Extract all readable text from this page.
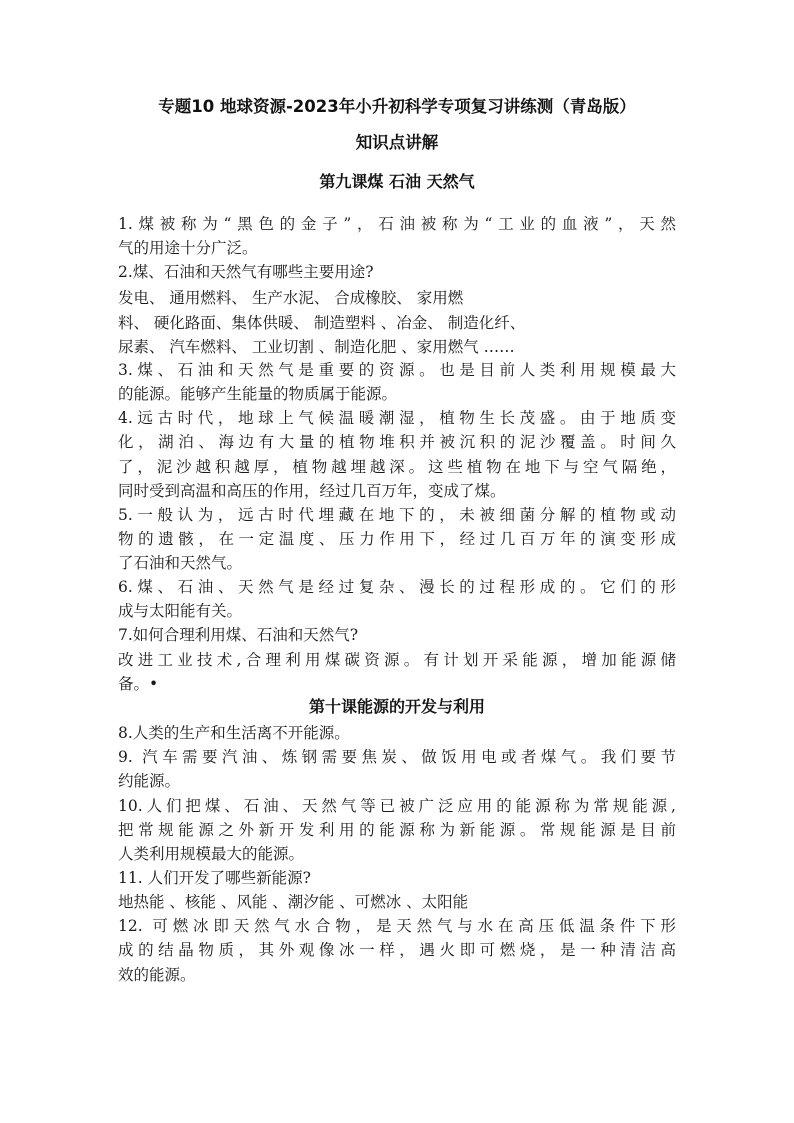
专题10 地球资源-2023年小升初科学专项复习讲练测（青岛版）
知识点讲解
第九课煤 石油 天然气
1.煤被称为“黑色的金子”，石油被称为“工业的血液”，天然
气的用途十分广泛。
2.煤、石油和天然气有哪些主要用途?
发电、 通用燃料、 生产水泥、 合成橡胶、 家用燃
料、 硬化路面、集体供暖、 制造塑料 、冶金、 制造化纤、
尿素、 汽车燃料、 工业切割 、制造化肥 、家用燃气 ……
3.煤、石油和天然气是重要的资源。也是目前人类利用规模最大
的能源。能够产生能量的物质属于能源。
4.远古时代，地球上气候温暖潮湿，植物生长茂盛。由于地质变
化，湖泊、海边有大量的植物堆积并被沉积的泥沙覆盖。时间久
了，泥沙越积越厚，植物越埋越深。这些植物在地下与空气隔绝，
同时受到高温和高压的作用，经过几百万年，变成了煤。
5.一般认为，远古时代埋藏在地下的，未被细菌分解的植物或动
物的遗骸，在一定温度、压力作用下，经过几百万年的演变形成
了石油和天然气。
6.煤、石油、天然气是经过复杂、漫长的过程形成的。它们的形
成与太阳能有关。
7.如何合理利用煤、石油和天然气?
改进工业技术,合理利用煤碳资源。有计划开采能源，增加能源储
备。•
第十课能源的开发与利用
8.人类的生产和生活离不开能源。
9. 汽车需要汽油、炼钢需要焦炭、做饭用电或者煤气。我们要节
约能源。
10.人们把煤、石油、天然气等已被广泛应用的能源称为常规能源,
把常规能源之外新开发利用的能源称为新能源。常规能源是目前
人类利用规模最大的能源。
11. 人们开发了哪些新能源?
地热能 、核能 、风能 、潮汐能 、可燃冰 、太阳能
12. 可燃冰即天然气水合物，是天然气与水在高压低温条件下形
成的结晶物质，其外观像冰一样，遇火即可燃烧，是一种清洁高
效的能源。
